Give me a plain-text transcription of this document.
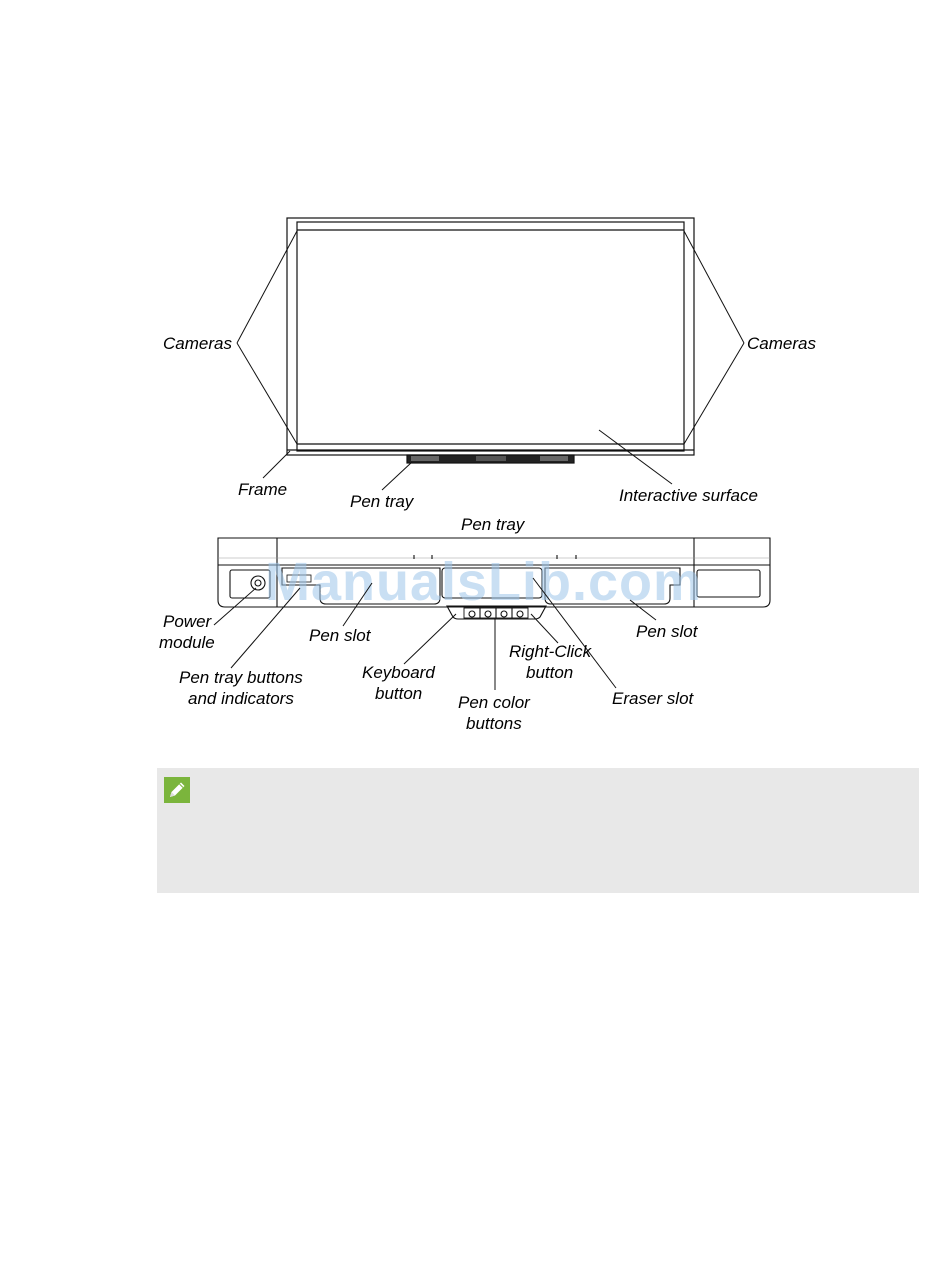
Cameras	Cameras
Frame
Pen tray	Interactive surface
Pen tray
ManualsLib.com
Power
module	Pen slot	Pen slot
Pen tray buttons
and indicators
Keyboard
button Pen color
buttons
Right-Click
button
Eraser slot
